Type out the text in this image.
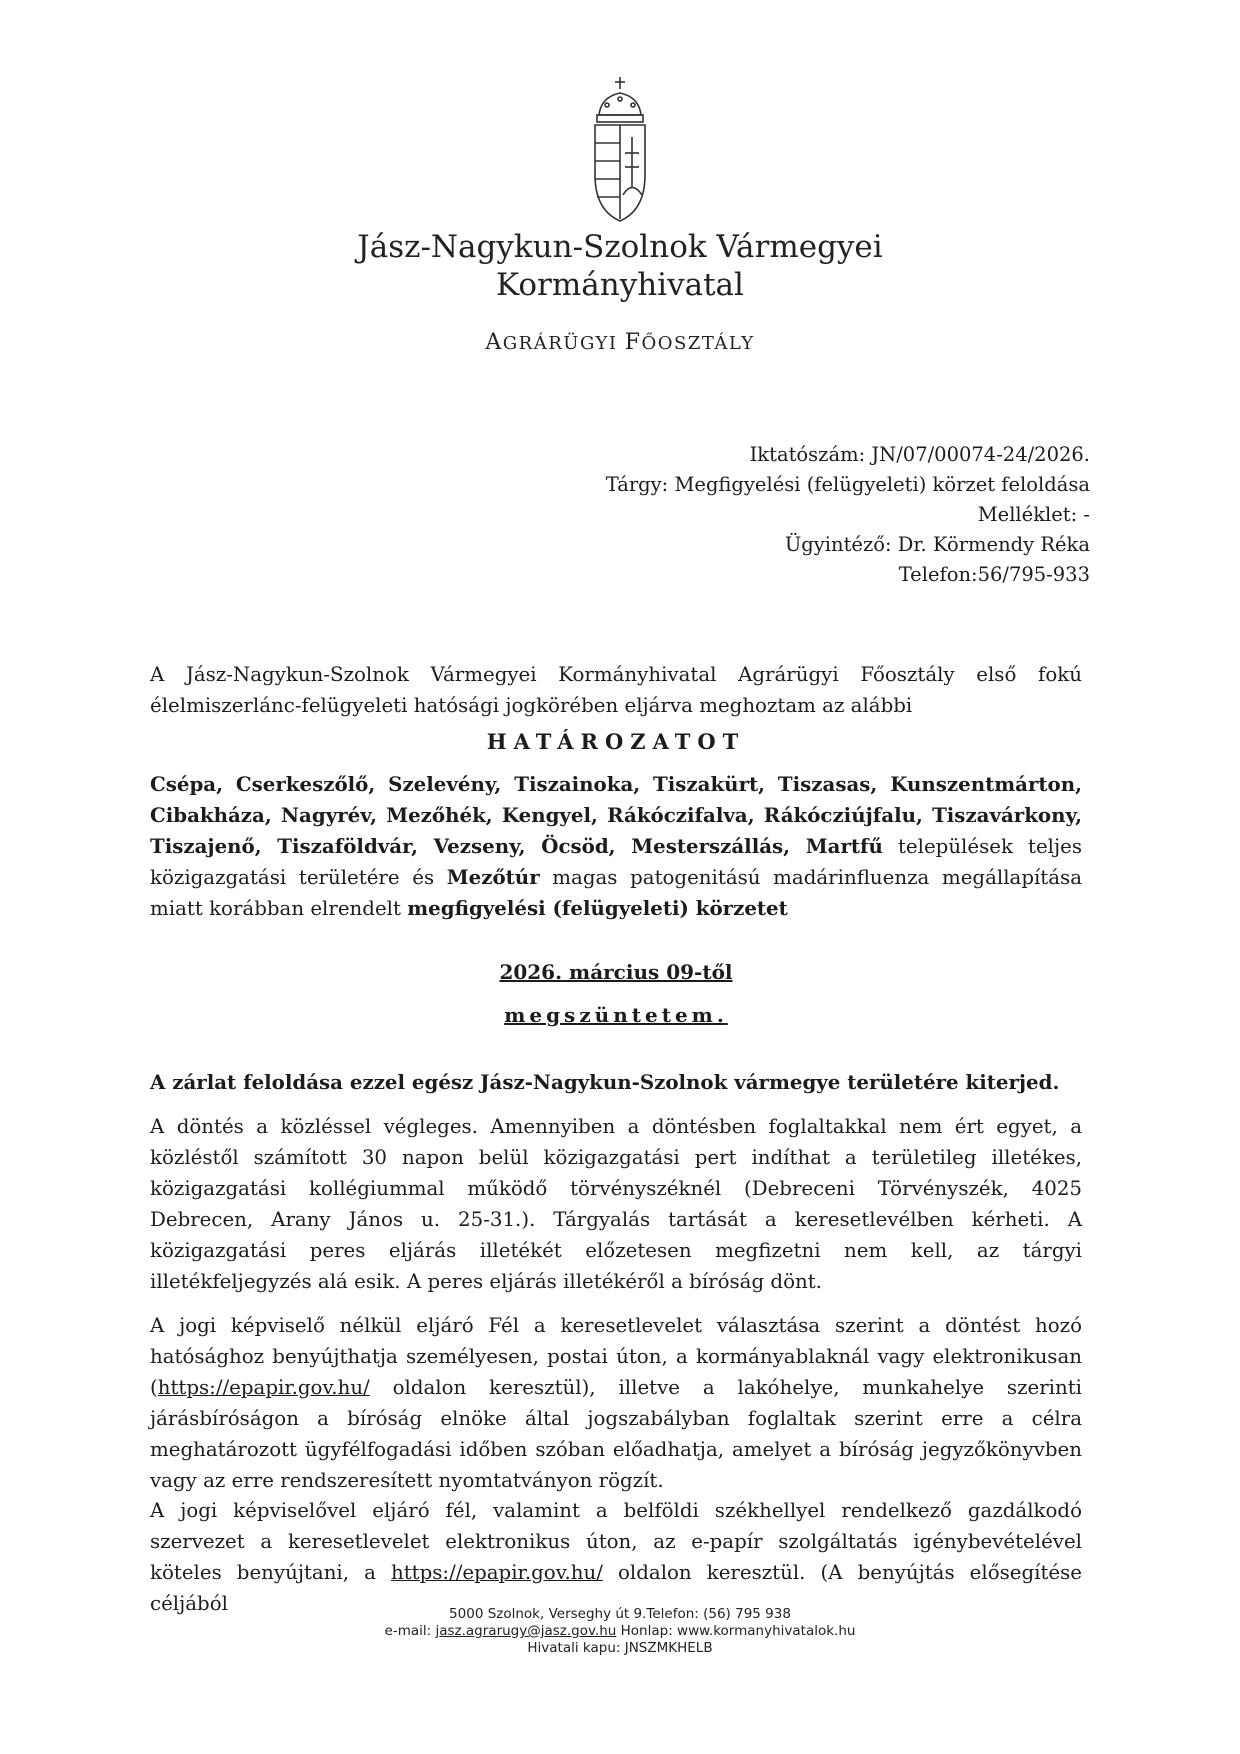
Jász-Nagykun-Szolnok Vármegyei
Kormányhivatal
AGRÁRÜGYI FŐOSZTÁLY
Iktatószám: JN/07/00074-24/2026.
Tárgy: Megfigyelési (felügyeleti) körzet feloldása
Melléklet: -
Ügyintéző: Dr. Körmendy Réka
Telefon:56/795-933
A Jász-Nagykun-Szolnok Vármegyei Kormányhivatal Agrárügyi Főosztály első fokú élelmiszerlánc-felügyeleti hatósági jogkörében eljárva meghoztam az alábbi
HATÁROZATOT
Csépa, Cserkeszőlő, Szelevény, Tiszainoka, Tiszakürt, Tiszasas, Kunszentmárton, Cibakháza, Nagyrév, Mezőhék, Kengyel, Rákóczifalva, Rákócziújfalu, Tiszavárkony, Tiszajenő, Tiszaföldvár, Vezseny, Öcsöd, Mesterszállás, Martfű települések teljes közigazgatási területére és Mezőtúr magas patogenitású madárinfluenza megállapítása miatt korábban elrendelt megfigyelési (felügyeleti) körzetet
2026. március 09-től
megszüntetem.
A zárlat feloldása ezzel egész Jász-Nagykun-Szolnok vármegye területére kiterjed.
A döntés a közléssel végleges. Amennyiben a döntésben foglaltakkal nem ért egyet, a közléstől számított 30 napon belül közigazgatási pert indíthat a területileg illetékes, közigazgatási kollégiummal működő törvényszéknél (Debreceni Törvényszék, 4025 Debrecen, Arany János u. 25-31.). Tárgyalás tartását a keresetlevélben kérheti. A közigazgatási peres eljárás illetékét előzetesen megfizetni nem kell, az tárgyi illetékfeljegyzés alá esik. A peres eljárás illetékéről a bíróság dönt.
A jogi képviselő nélkül eljáró Fél a keresetlevelet választása szerint a döntést hozó hatósághoz benyújthatja személyesen, postai úton, a kormányablaknál vagy elektronikusan (https://epapir.gov.hu/ oldalon keresztül), illetve a lakóhelye, munkahelye szerinti járásbíróságon a bíróság elnöke által jogszabályban foglaltak szerint erre a célra meghatározott ügyfélfogadási időben szóban előadhatja, amelyet a bíróság jegyzőkönyvben vagy az erre rendszeresített nyomtatványon rögzít.
A jogi képviselővel eljáró fél, valamint a belföldi székhellyel rendelkező gazdálkodó szervezet a keresetlevelet elektronikus úton, az e-papír szolgáltatás igénybevételével köteles benyújtani, a https://epapir.gov.hu/ oldalon keresztül. (A benyújtás elősegítése céljából	5000 Szolnok, Verseghy út 9.Telefon: (56) 795 938
e-mail: jasz.agrarugy@jasz.gov.hu Honlap: www.kormanyhivatalok.hu
Hivatali kapu: JNSZMKHELB
